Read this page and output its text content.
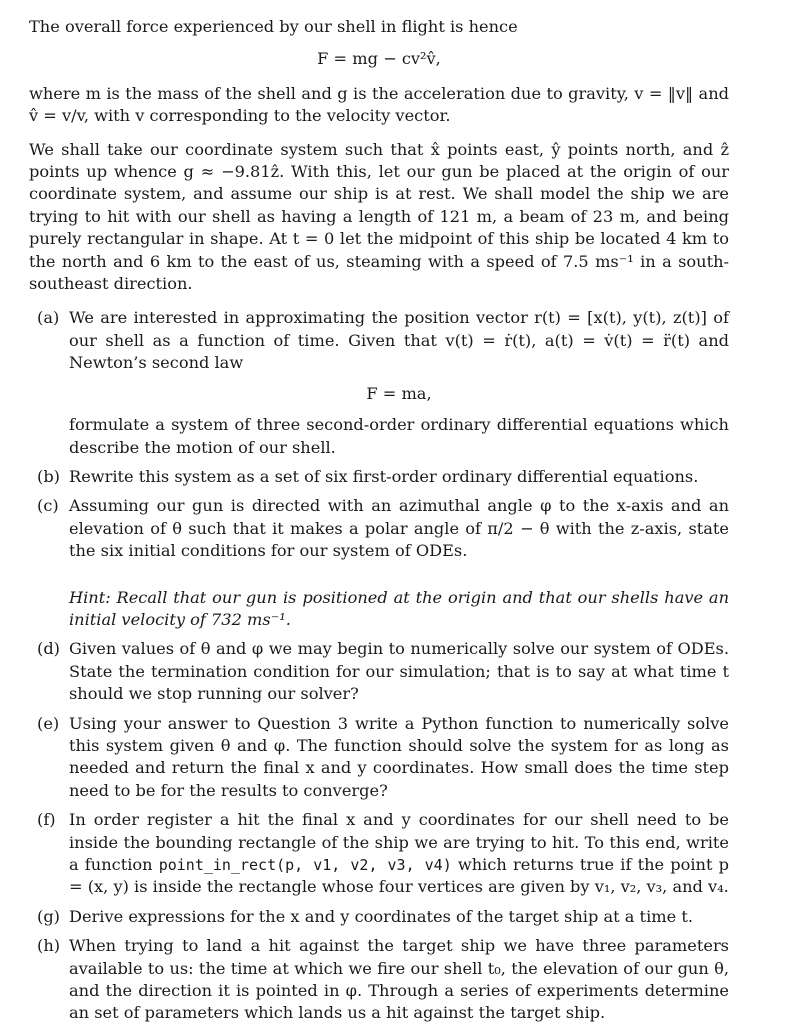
The overall force experienced by our shell in flight is hence

F = mg − cv²v̂,

where m is the mass of the shell and g is the acceleration due to gravity, v = ‖v‖ and v̂ = v/v, with v corresponding to the velocity vector.

We shall take our coordinate system such that x̂ points east, ŷ points north, and ẑ points up whence g ≈ −9.81ẑ. With this, let our gun be placed at the origin of our coordinate system, and assume our ship is at rest. We shall model the ship we are trying to hit with our shell as having a length of 121 m, a beam of 23 m, and being purely rectangular in shape. At t = 0 let the midpoint of this ship be located 4 km to the north and 6 km to the east of us, steaming with a speed of 7.5 ms⁻¹ in a south-southeast direction.

(a) We are interested in approximating the position vector r(t) = [x(t), y(t), z(t)] of our shell as a function of time. Given that v(t) = ṙ(t), a(t) = v̇(t) = r̈(t) and Newton’s second law

F = ma,

formulate a system of three second-order ordinary differential equations which describe the motion of our shell.

(b) Rewrite this system as a set of six first-order ordinary differential equations.

(c) Assuming our gun is directed with an azimuthal angle φ to the x-axis and an elevation of θ such that it makes a polar angle of π/2 − θ with the z-axis, state the six initial conditions for our system of ODEs.

Hint: Recall that our gun is positioned at the origin and that our shells have an initial velocity of 732 ms⁻¹.

(d) Given values of θ and φ we may begin to numerically solve our system of ODEs. State the termination condition for our simulation; that is to say at what time t should we stop running our solver?

(e) Using your answer to Question 3 write a Python function to numerically solve this system given θ and φ. The function should solve the system for as long as needed and return the final x and y coordinates. How small does the time step need to be for the results to converge?

(f) In order register a hit the final x and y coordinates for our shell need to be inside the bounding rectangle of the ship we are trying to hit. To this end, write a function point_in_rect(p, v1, v2, v3, v4) which returns true if the point p = (x, y) is inside the rectangle whose four vertices are given by v₁, v₂, v₃, and v₄.

(g) Derive expressions for the x and y coordinates of the target ship at a time t.

(h) When trying to land a hit against the target ship we have three parameters available to us: the time at which we fire our shell t₀, the elevation of our gun θ, and the direction it is pointed in φ. Through a series of experiments determine an set of parameters which lands us a hit against the target ship.
